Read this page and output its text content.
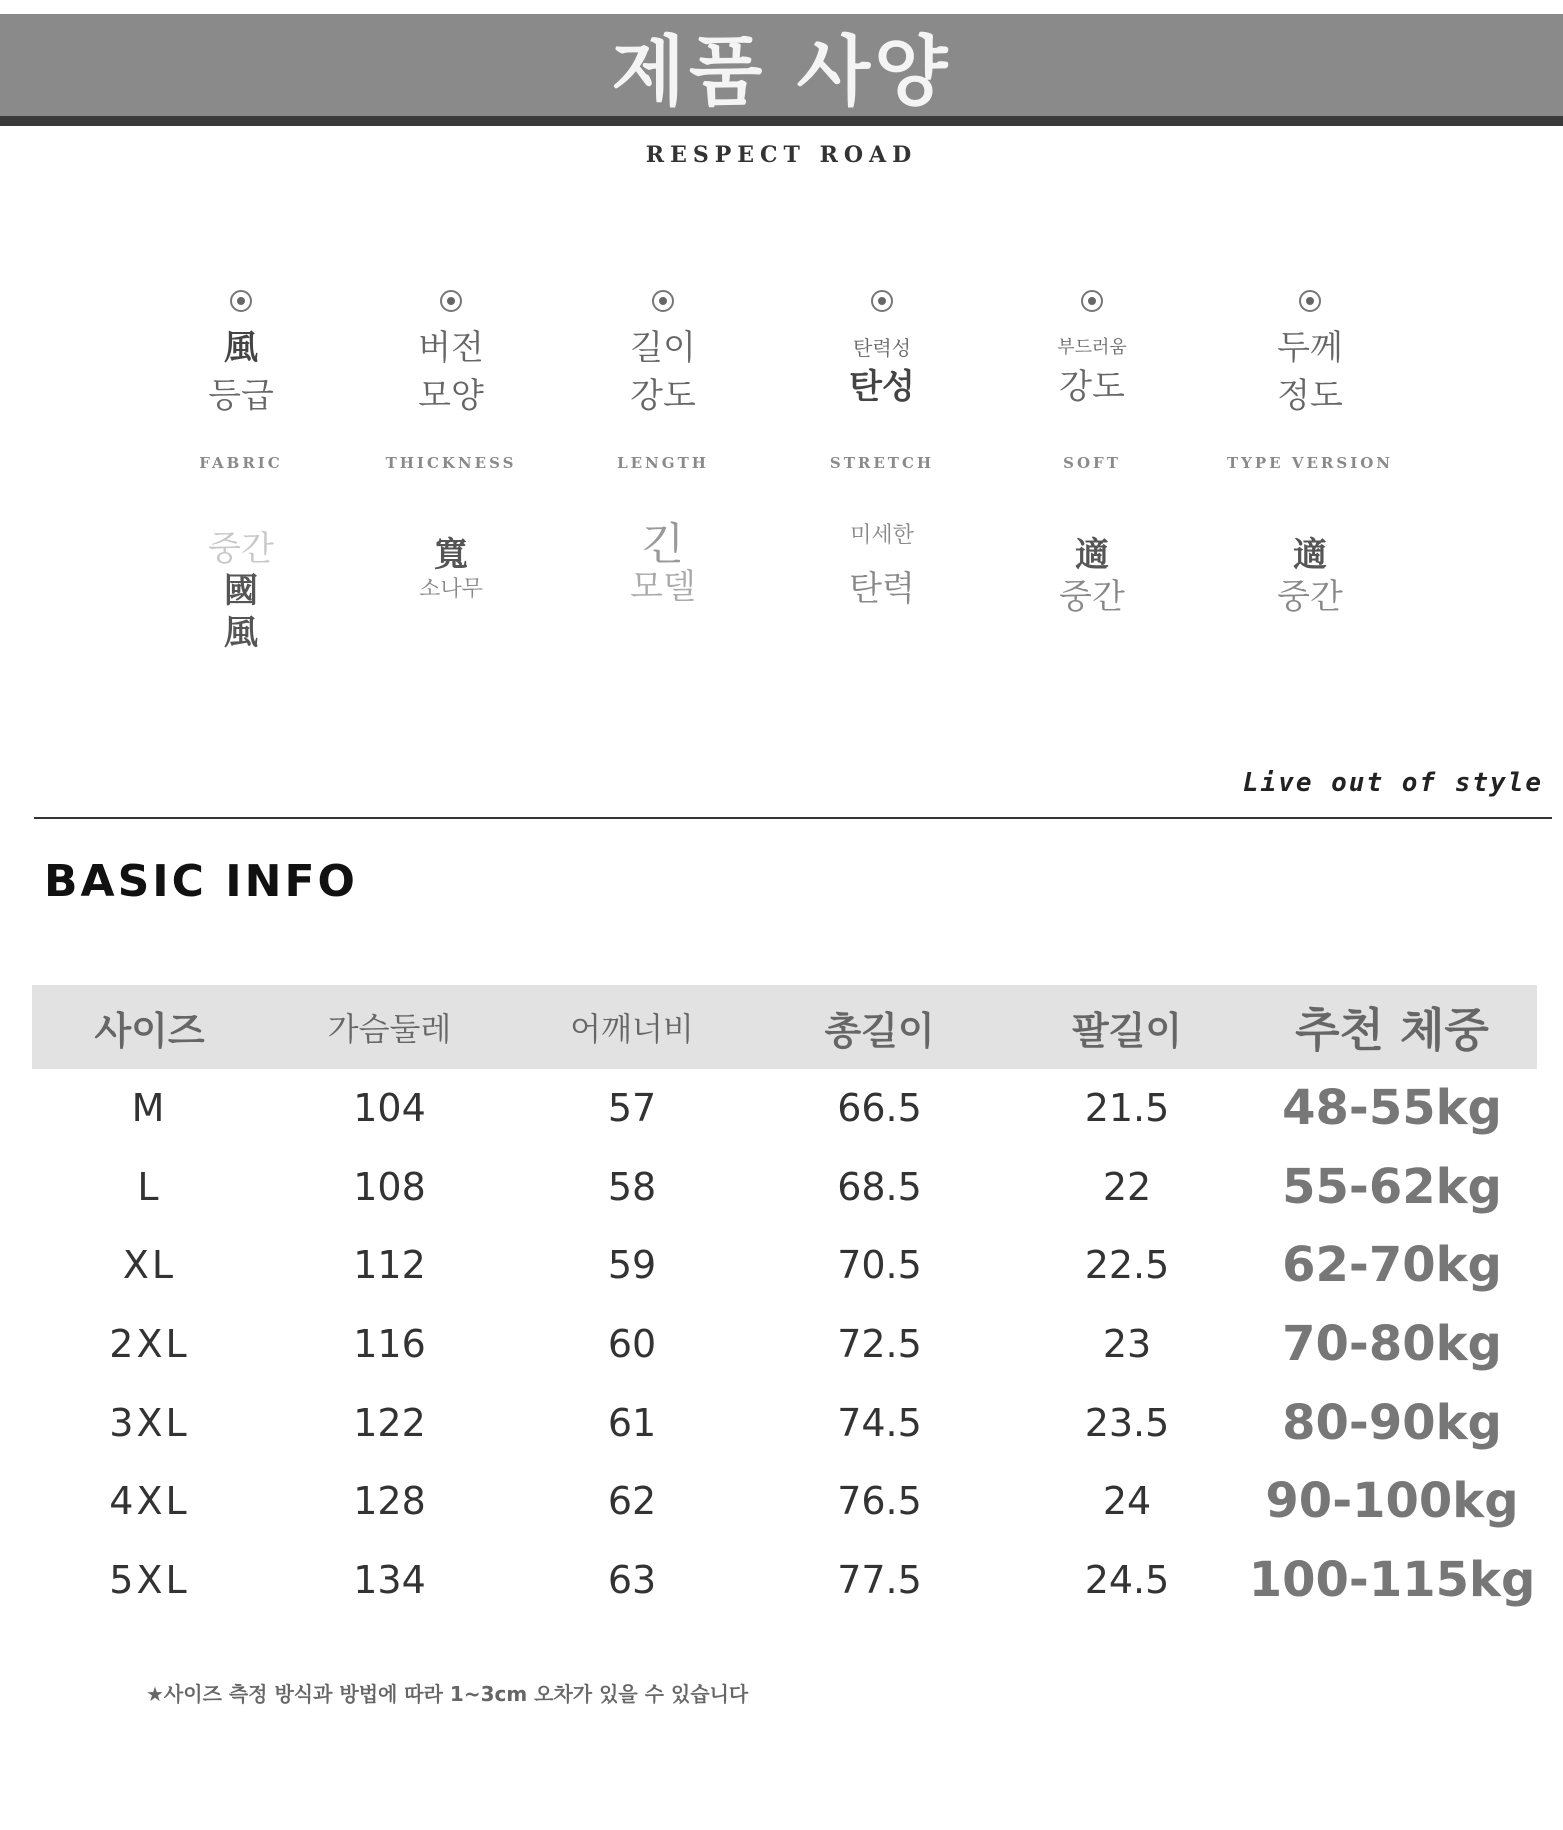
제품 사양
RESPECT ROAD
風
등급
FABRIC
중간
國
風
버전
모양
THICKNESS
寬
소나무
길이
강도
LENGTH
긴
모델
탄력성
탄성
STRETCH
미세한
탄력
부드러움
강도
SOFT
適
중간
두께
정도
TYPE VERSION
適
중간
Live out of style
BASIC INFO
사이즈	가슴둘레	어깨너비	총길이	팔길이	추천 체중
M	104	57	66.5	21.5	48-55kg
L	108	58	68.5	22	55-62kg
XL	112	59	70.5	22.5	62-70kg
2XL	116	60	72.5	23	70-80kg
3XL	122	61	74.5	23.5	80-90kg
4XL	128	62	76.5	24	90-100kg
5XL	134	63	77.5	24.5	100-115kg
★사이즈 측정 방식과 방법에 따라 1~3cm 오차가 있을 수 있습니다
